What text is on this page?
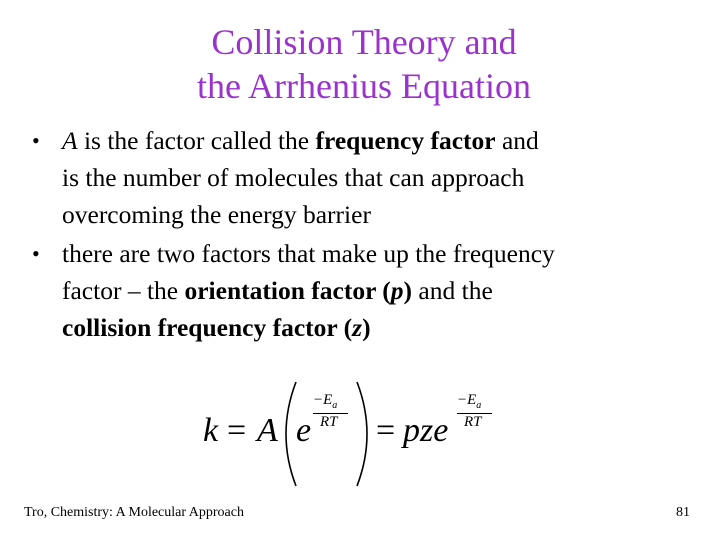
Collision Theory and
the Arrhenius Equation
• A is the factor called the frequency factor and
is the number of molecules that can approach
overcoming the energy barrier
• there are two factors that make up the frequency
factor – the orientation factor (p) and the
collision frequency factor (z)
k = A e
$-E_a$
RT = pze
$-E_a$
RT
Tro, Chemistry: A Molecular Approach	81
